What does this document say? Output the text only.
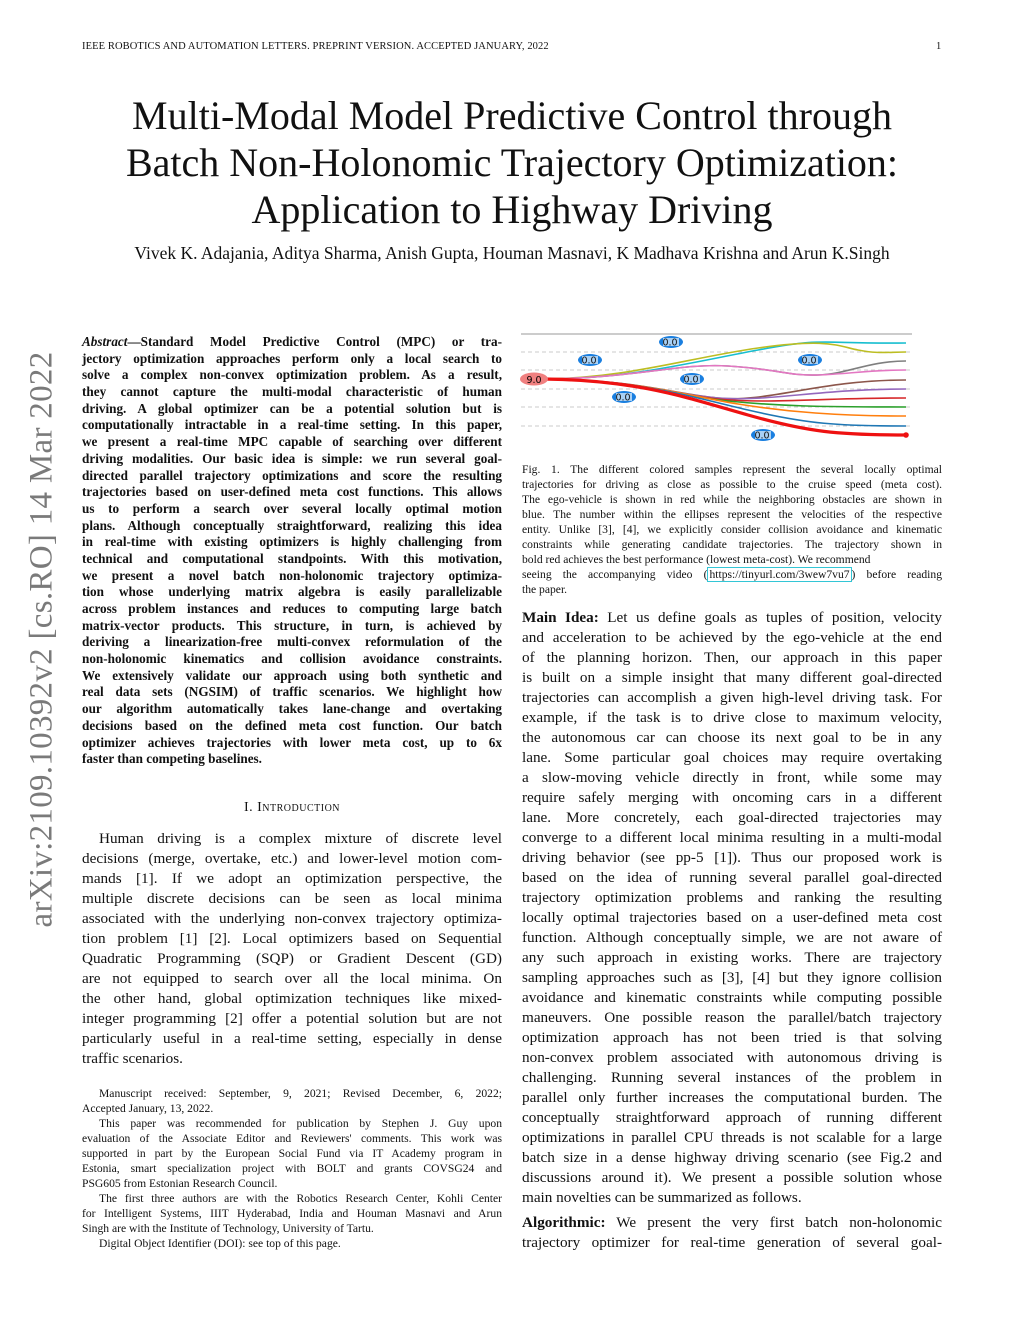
IEEE ROBOTICS AND AUTOMATION LETTERS. PREPRINT VERSION. ACCEPTED JANUARY, 2022	1
Multi-Modal Model Predictive Control through
Batch Non-Holonomic Trajectory Optimization:
Application to Highway Driving
Vivek K. Adajania, Aditya Sharma, Anish Gupta, Houman Masnavi, K Madhava Krishna and Arun K.Singh
arXiv:2109.10392v2 [cs.RO] 14 Mar 2022
Abstract—Standard Model Predictive Control (MPC) or tra-
jectory optimization approaches perform only a local search to
solve a complex non-convex optimization problem. As a result,
they cannot capture the multi-modal characteristic of human
driving. A global optimizer can be a potential solution but is
computationally intractable in a real-time setting. In this paper,
we present a real-time MPC capable of searching over different
driving modalities. Our basic idea is simple: we run several goal-
directed parallel trajectory optimizations and score the resulting
trajectories based on user-defined meta cost functions. This allows
us to perform a search over several locally optimal motion
plans. Although conceptually straightforward, realizing this idea
in real-time with existing optimizers is highly challenging from
technical and computational standpoints. With this motivation,
we present a novel batch non-holonomic trajectory optimiza-
tion whose underlying matrix algebra is easily parallelizable
across problem instances and reduces to computing large batch
matrix-vector products. This structure, in turn, is achieved by
deriving a linearization-free multi-convex reformulation of the
non-holonomic kinematics and collision avoidance constraints.
We extensively validate our approach using both synthetic and
real data sets (NGSIM) of traffic scenarios. We highlight how
our algorithm automatically takes lane-change and overtaking
decisions based on the defined meta cost function. Our batch
optimizer achieves trajectories with lower meta cost, up to 6x
faster than competing baselines.
I. Introduction
Human driving is a complex mixture of discrete level
decisions (merge, overtake, etc.) and lower-level motion com-
mands [1]. If we adopt an optimization perspective, the
multiple discrete decisions can be seen as local minima
associated with the underlying non-convex trajectory optimiza-
tion problem [1] [2]. Local optimizers based on Sequential
Quadratic Programming (SQP) or Gradient Descent (GD)
are not equipped to search over all the local minima. On
the other hand, global optimization techniques like mixed-
integer programming [2] offer a potential solution but are not
particularly useful in a real-time setting, especially in dense
traffic scenarios.
Manuscript received: September, 9, 2021; Revised December, 6, 2022;
Accepted January, 13, 2022.
This paper was recommended for publication by Stephen J. Guy upon
evaluation of the Associate Editor and Reviewers' comments. This work was
supported in part by the European Social Fund via IT Academy program in
Estonia, smart specialization project with BOLT and grants COVSG24 and
PSG605 from Estonian Research Council.
The first three authors are with the Robotics Research Center, Kohli Center
for Intelligent Systems, IIIT Hyderabad, India and Houman Masnavi and Arun
Singh are with the Institute of Technology, University of Tartu.
Digital Object Identifier (DOI): see top of this page.
9.0
0.0
0.0	0.0
0.0
0.0
0.0
Fig. 1. The different colored samples represent the several locally optimal
trajectories for driving as close as possible to the cruise speed (meta cost).
The ego-vehicle is shown in red while the neighboring obstacles are shown in
blue. The number within the ellipses represent the velocities of the respective
entity. Unlike [3], [4], we explicitly consider collision avoidance and kinematic
constraints while generating candidate trajectories. The trajectory shown in
bold red achieves the best performance (lowest meta-cost). We recommend
seeing the accompanying video ( https://tinyurl.com/3wew7vu7 ) before reading
the paper.
Main Idea: Let us define goals as tuples of position, velocity
and acceleration to be achieved by the ego-vehicle at the end
of the planning horizon. Then, our approach in this paper
is built on a simple insight that many different goal-directed
trajectories can accomplish a given high-level driving task. For
example, if the task is to drive close to maximum velocity,
the autonomous car can choose its next goal to be in any
lane. Some particular goal choices may require overtaking
a slow-moving vehicle directly in front, while some may
require safely merging with oncoming cars in a different
lane. More concretely, each goal-directed trajectories may
converge to a different local minima resulting in a multi-modal
driving behavior (see pp-5 [1]). Thus our proposed work is
based on the idea of running several parallel goal-directed
trajectory optimization problems and ranking the resulting
locally optimal trajectories based on a user-defined meta cost
function. Although conceptually simple, we are not aware of
any such approach in existing works. There are trajectory
sampling approaches such as [3], [4] but they ignore collision
avoidance and kinematic constraints while computing possible
maneuvers. One possible reason the parallel/batch trajectory
optimization approach has not been tried is that solving
non-convex problem associated with autonomous driving is
challenging. Running several instances of the problem in
parallel only further increases the computational burden. The
conceptually straightforward approach of running different
optimizations in parallel CPU threads is not scalable for a large
batch size in a dense highway driving scenario (see Fig.2 and
discussions around it). We present a possible solution whose
main novelties can be summarized as follows.
Algorithmic: We present the very first batch non-holonomic
trajectory optimizer for real-time generation of several goal-
